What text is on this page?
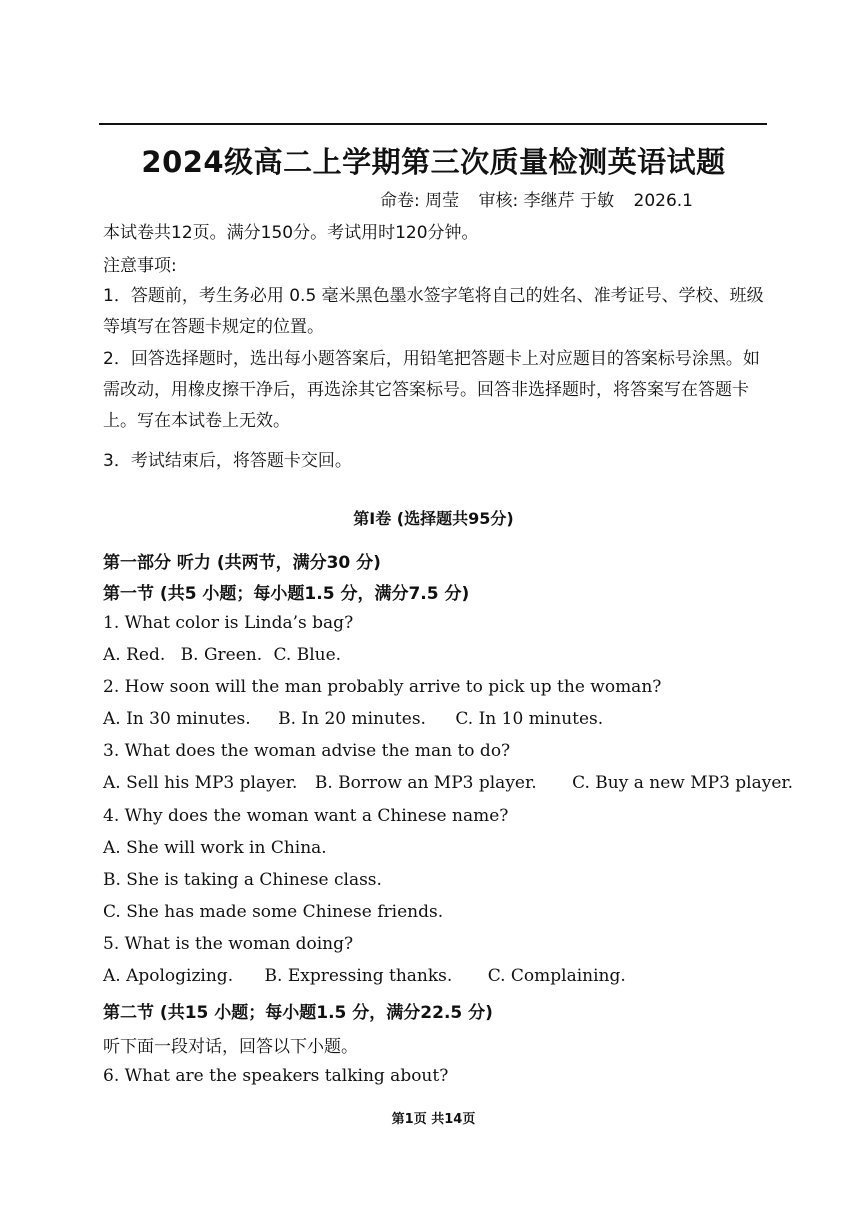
2024级高二上学期第三次质量检测英语试题
命卷: 周莹 审核: 李继芹 于敏 2026.1
本试卷共12页。满分150分。考试用时120分钟。
注意事项:
1．答题前，考生务必用 0.5 毫米黑色墨水签字笔将自己的姓名、准考证号、学校、班级等填写在答题卡规定的位置。
2．回答选择题时，选出每小题答案后，用铅笔把答题卡上对应题目的答案标号涂黑。如需改动，用橡皮擦干净后，再选涂其它答案标号。回答非选择题时，将答案写在答题卡上。写在本试卷上无效。
3．考试结束后，将答题卡交回。
第I卷 (选择题共95分)
第一部分 听力 (共两节，满分30 分)
第一节 (共5 小题；每小题1.5 分，满分7.5 分)
1. What color is Linda’s bag?
A. Red. B. Green. C. Blue.
2. How soon will the man probably arrive to pick up the woman?
A. In 30 minutes. B. In 20 minutes. C. In 10 minutes.
3. What does the woman advise the man to do?
A. Sell his MP3 player. B. Borrow an MP3 player. C. Buy a new MP3 player.
4. Why does the woman want a Chinese name?
A. She will work in China.
B. She is taking a Chinese class.
C. She has made some Chinese friends.
5. What is the woman doing?
A. Apologizing. B. Expressing thanks. C. Complaining.
第二节 (共15 小题；每小题1.5 分，满分22.5 分)
听下面一段对话，回答以下小题。
6. What are the speakers talking about?
第1页 共14页
